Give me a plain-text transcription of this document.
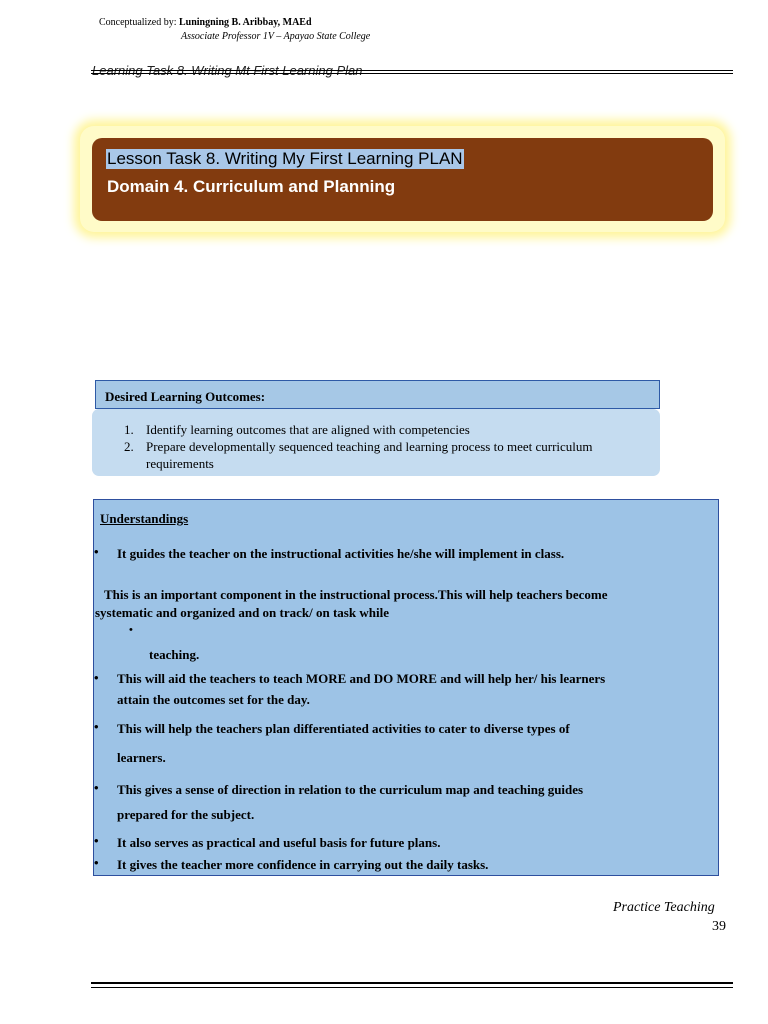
Conceptualized by: Luningning B. Aribbay, MAEd
Associate Professor 1V – Apayao State College
Learning Task 8. Writing Mt First Learning Plan
Lesson Task 8. Writing My First Learning PLAN
Domain 4. Curriculum and Planning
Desired Learning Outcomes:
1. Identify learning outcomes that are aligned with competencies
2. Prepare developmentally sequenced teaching and learning process to meet curriculum requirements
Understandings
• It guides the teacher on the instructional activities he/she will implement in class.
This is an important component in the instructional process.This will help teachers become
systematic and organized and on track/ on task while
•
teaching.
• This will aid the teachers to teach MORE and DO MORE and will help her/ his learners
attain the outcomes set for the day.
• This will help the teachers plan differentiated activities to cater to diverse types of
learners.
• This gives a sense of direction in relation to the curriculum map and teaching guides
prepared for the subject.
• It also serves as practical and useful basis for future plans.
• It gives the teacher more confidence in carrying out the daily tasks.
Practice Teaching
39
